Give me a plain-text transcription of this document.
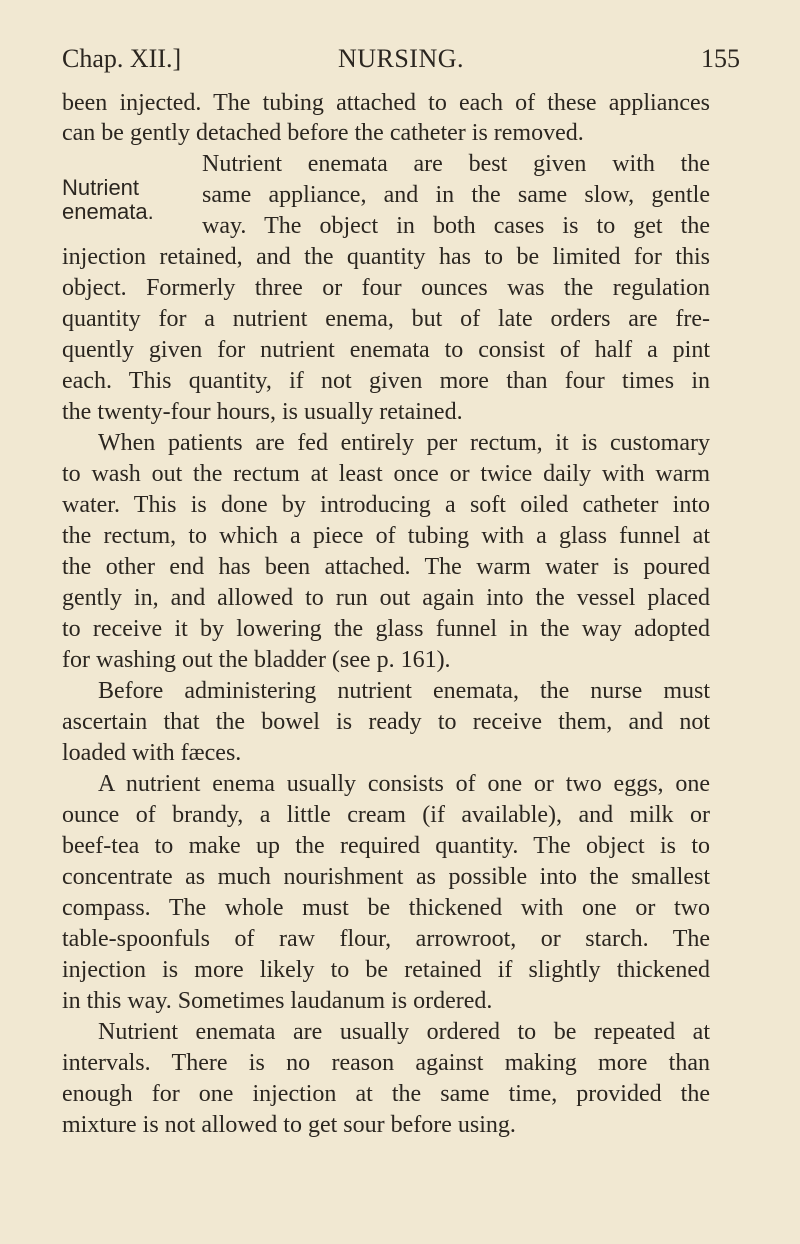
Chap. XII.]	NURSING.	155
Nutrient
enemata.
been injected. The tubing attached to each of these appliances
can be gently detached before the catheter is removed.
Nutrient enemata are best given with the
same appliance, and in the same slow, gentle
way. The object in both cases is to get the
injection retained, and the quantity has to be limited for this
object. Formerly three or four ounces was the regulation
quantity for a nutrient enema, but of late orders are fre-
quently given for nutrient enemata to consist of half a pint
each. This quantity, if not given more than four times in
the twenty-four hours, is usually retained.
When patients are fed entirely per rectum, it is customary
to wash out the rectum at least once or twice daily with warm
water. This is done by introducing a soft oiled catheter into
the rectum, to which a piece of tubing with a glass funnel at
the other end has been attached. The warm water is poured
gently in, and allowed to run out again into the vessel placed
to receive it by lowering the glass funnel in the way adopted
for washing out the bladder (see p. 161).
Before administering nutrient enemata, the nurse must
ascertain that the bowel is ready to receive them, and not
loaded with fæces.
A nutrient enema usually consists of one or two eggs, one
ounce of brandy, a little cream (if available), and milk or
beef-tea to make up the required quantity. The object is to
concentrate as much nourishment as possible into the smallest
compass. The whole must be thickened with one or two
table-spoonfuls of raw flour, arrowroot, or starch. The
injection is more likely to be retained if slightly thickened
in this way. Sometimes laudanum is ordered.
Nutrient enemata are usually ordered to be repeated at
intervals. There is no reason against making more than
enough for one injection at the same time, provided the
mixture is not allowed to get sour before using.
